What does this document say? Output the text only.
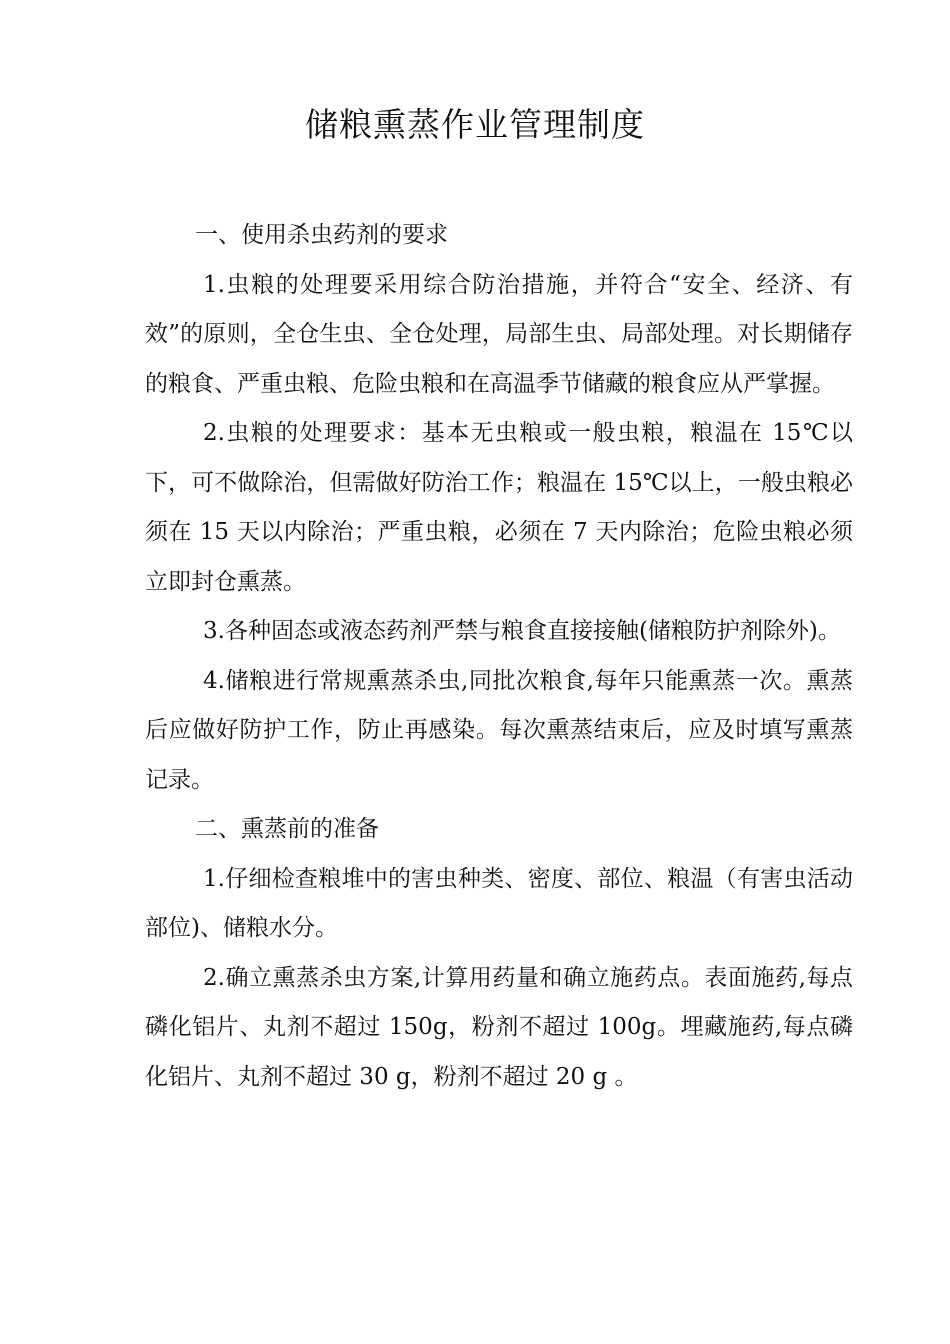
储粮熏蒸作业管理制度
一、使用杀虫药剂的要求

1.虫粮的处理要采用综合防治措施，并符合“安全、经济、有效”的原则，全仓生虫、全仓处理，局部生虫、局部处理。对长期储存的粮食、严重虫粮、危险虫粮和在高温季节储藏的粮食应从严掌握。

2.虫粮的处理要求：基本无虫粮或一般虫粮，粮温在 15℃以下，可不做除治，但需做好防治工作；粮温在 15℃以上，一般虫粮必须在 15 天以内除治；严重虫粮，必须在 7 天内除治；危险虫粮必须立即封仓熏蒸。

3.各种固态或液态药剂严禁与粮食直接接触(储粮防护剂除外)。

4.储粮进行常规熏蒸杀虫,同批次粮食,每年只能熏蒸一次。熏蒸后应做好防护工作，防止再感染。每次熏蒸结束后，应及时填写熏蒸记录。

二、熏蒸前的准备

1.仔细检查粮堆中的害虫种类、密度、部位、粮温（有害虫活动部位)、储粮水分。

2.确立熏蒸杀虫方案,计算用药量和确立施药点。表面施药,每点磷化铝片、丸剂不超过 150g，粉剂不超过 100g。埋藏施药,每点磷化铝片、丸剂不超过 30 g，粉剂不超过 20 g 。
